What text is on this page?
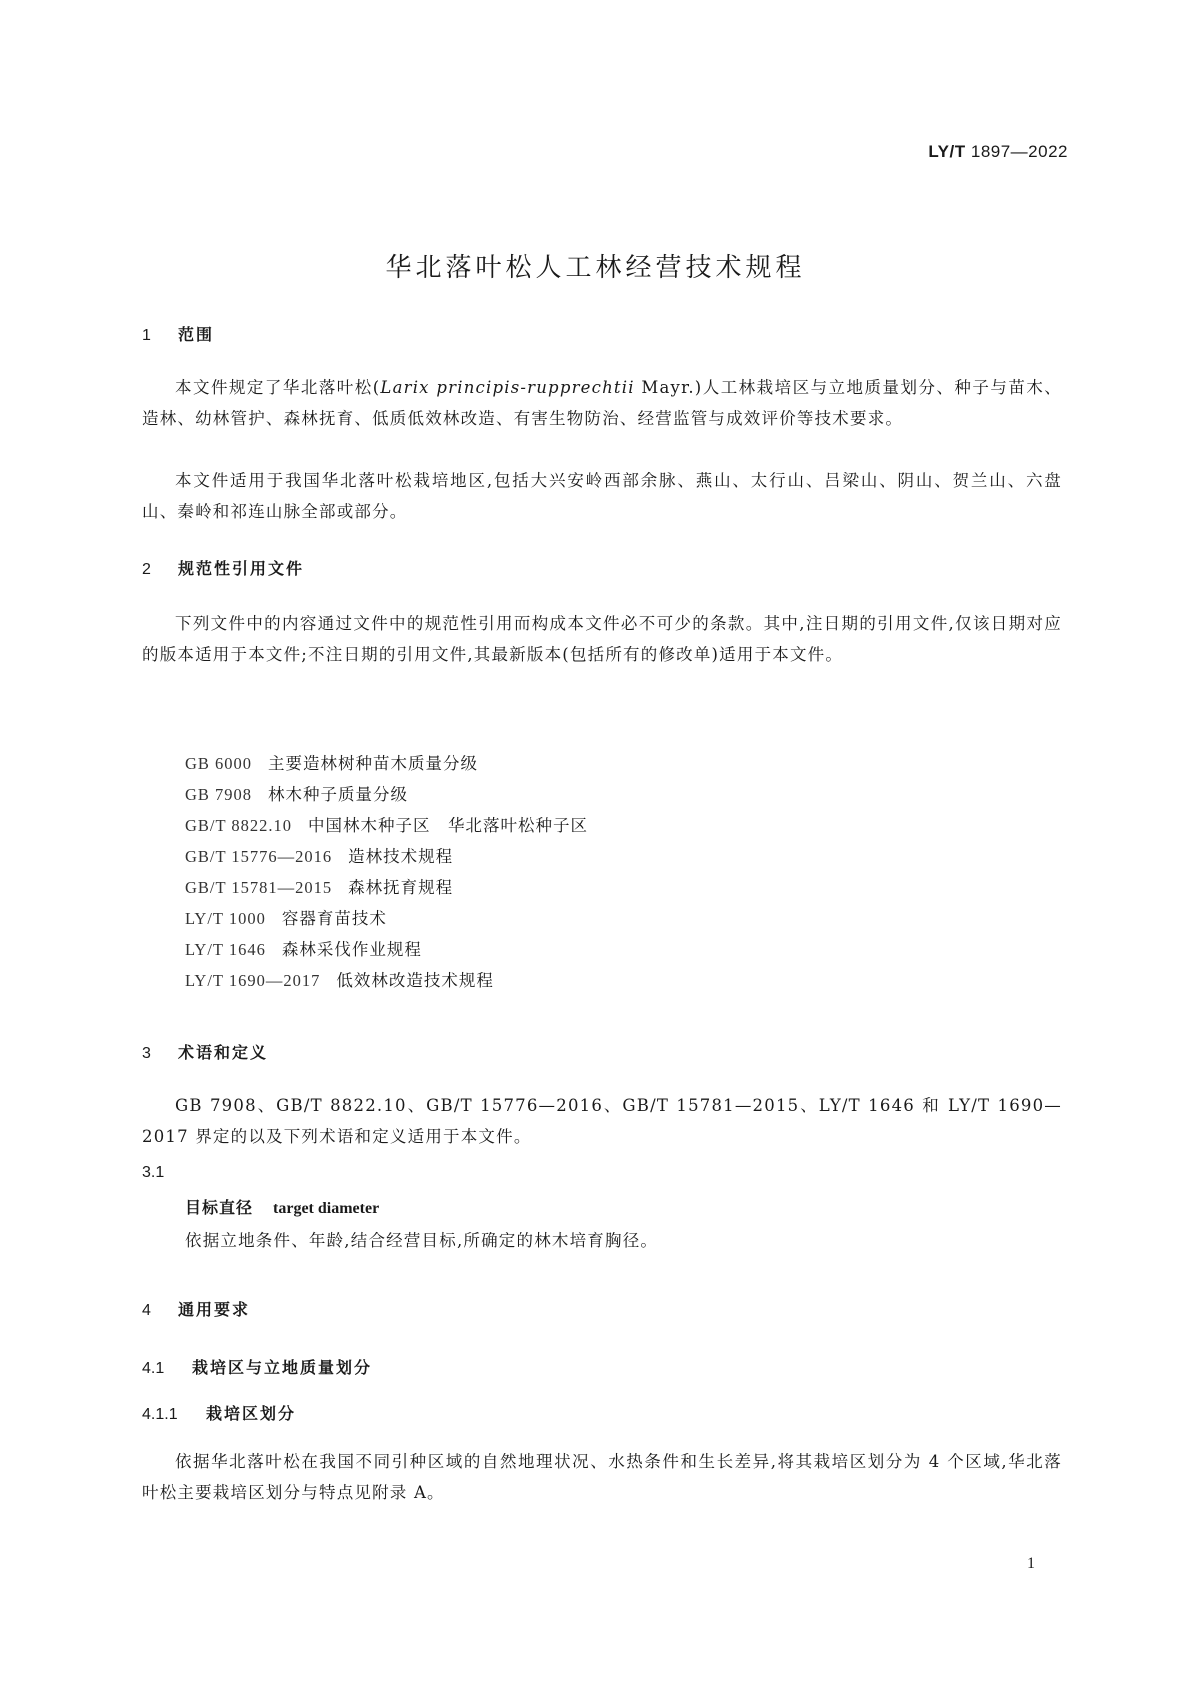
LY/T 1897—2022
华北落叶松人工林经营技术规程
1 范围
本文件规定了华北落叶松(Larix principis-rupprechtii Mayr.)人工林栽培区与立地质量划分、种子与苗木、造林、幼林管护、森林抚育、低质低效林改造、有害生物防治、经营监管与成效评价等技术要求。
本文件适用于我国华北落叶松栽培地区,包括大兴安岭西部余脉、燕山、太行山、吕梁山、阴山、贺兰山、六盘山、秦岭和祁连山脉全部或部分。
2 规范性引用文件
下列文件中的内容通过文件中的规范性引用而构成本文件必不可少的条款。其中,注日期的引用文件,仅该日期对应的版本适用于本文件;不注日期的引用文件,其最新版本(包括所有的修改单)适用于本文件。
GB 6000 主要造林树种苗木质量分级
GB 7908 林木种子质量分级
GB/T 8822.10 中国林木种子区　华北落叶松种子区
GB/T 15776—2016 造林技术规程
GB/T 15781—2015 森林抚育规程
LY/T 1000 容器育苗技术
LY/T 1646 森林采伐作业规程
LY/T 1690—2017 低效林改造技术规程
3 术语和定义
GB 7908、GB/T 8822.10、GB/T 15776—2016、GB/T 15781—2015、LY/T 1646 和 LY/T 1690—2017 界定的以及下列术语和定义适用于本文件。
3.1
目标直径 target diameter
依据立地条件、年龄,结合经营目标,所确定的林木培育胸径。
4 通用要求
4.1 栽培区与立地质量划分
4.1.1 栽培区划分
依据华北落叶松在我国不同引种区域的自然地理状况、水热条件和生长差异,将其栽培区划分为 4 个区域,华北落叶松主要栽培区划分与特点见附录 A。
1
